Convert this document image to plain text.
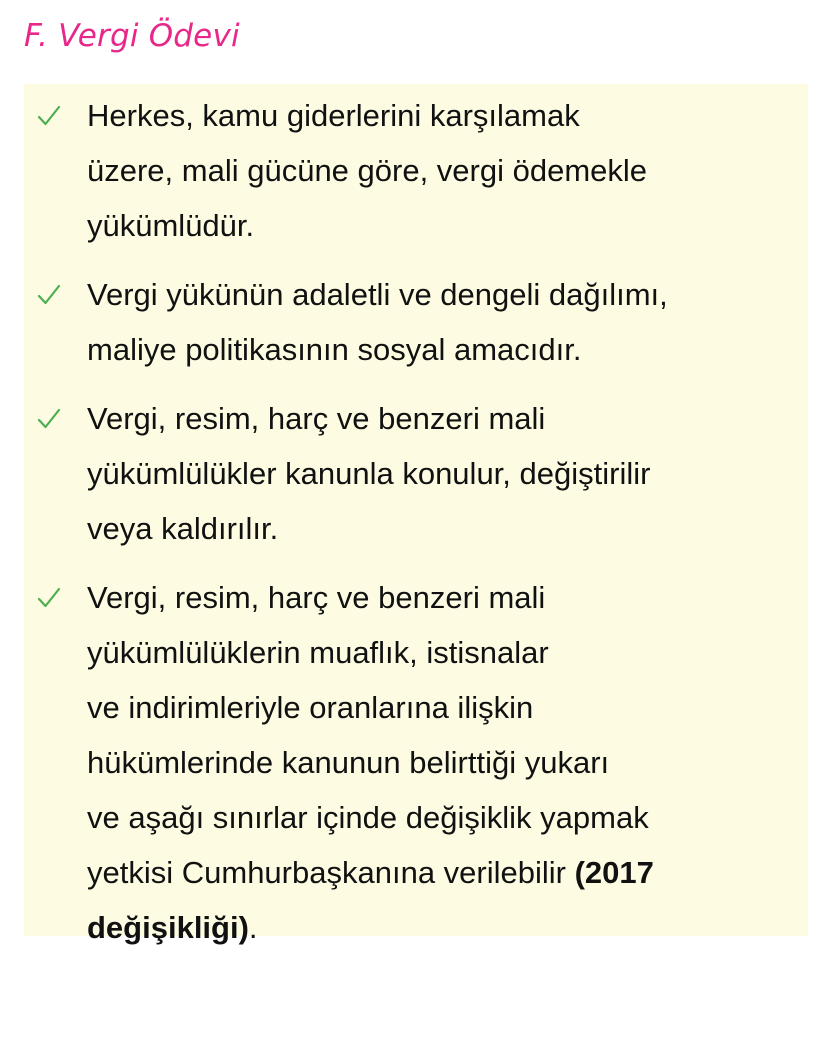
F. Vergi Ödevi
Herkes, kamu giderlerini karşılamak
üzere, mali gücüne göre, vergi ödemekle
yükümlüdür.
Vergi yükünün adaletli ve dengeli dağılımı,
maliye politikasının sosyal amacıdır.
Vergi, resim, harç ve benzeri mali
yükümlülükler kanunla konulur, değiştirilir
veya kaldırılır.
Vergi, resim, harç ve benzeri mali
yükümlülüklerin muaflık, istisnalar
ve indirimleriyle oranlarına ilişkin
hükümlerinde kanunun belirttiği yukarı
ve aşağı sınırlar içinde değişiklik yapmak
yetkisi Cumhurbaşkanına verilebilir (2017
değişikliği).
